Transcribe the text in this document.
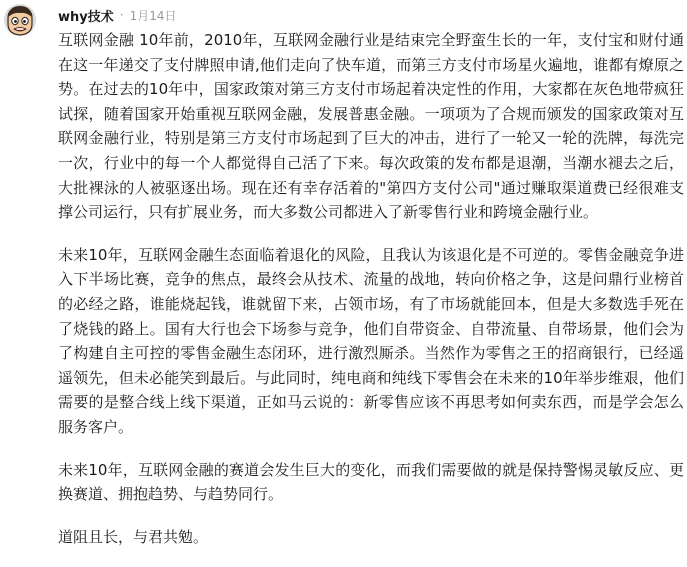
why技术 · 1月14日

互联网金融 10年前，2010年，互联网金融行业是结束完全野蛮生长的一年，支付宝和财付通在这一年递交了支付牌照申请,他们走向了快车道，而第三方支付市场星火遍地，谁都有燎原之势。在过去的10年中，国家政策对第三方支付市场起着决定性的作用，大家都在灰色地带疯狂试探，随着国家开始重视互联网金融，发展普惠金融。一项项为了合规而颁发的国家政策对互联网金融行业，特别是第三方支付市场起到了巨大的冲击，进行了一轮又一轮的洗牌，每洗完一次，行业中的每一个人都觉得自己活了下来。每次政策的发布都是退潮，当潮水褪去之后，大批裸泳的人被驱逐出场。现在还有幸存活着的"第四方支付公司"通过赚取渠道费已经很难支撑公司运行，只有扩展业务，而大多数公司都进入了新零售行业和跨境金融行业。

未来10年，互联网金融生态面临着退化的风险，且我认为该退化是不可逆的。零售金融竞争进入下半场比赛，竞争的焦点，最终会从技术、流量的战地，转向价格之争，这是问鼎行业榜首的必经之路，谁能烧起钱，谁就留下来，占领市场，有了市场就能回本，但是大多数选手死在了烧钱的路上。国有大行也会下场参与竞争，他们自带资金、自带流量、自带场景，他们会为了构建自主可控的零售金融生态闭环，进行激烈厮杀。当然作为零售之王的招商银行，已经遥遥领先，但未必能笑到最后。与此同时，纯电商和纯线下零售会在未来的10年举步维艰，他们需要的是整合线上线下渠道，正如马云说的：新零售应该不再思考如何卖东西，而是学会怎么服务客户。

未来10年，互联网金融的赛道会发生巨大的变化，而我们需要做的就是保持警惕灵敏反应、更换赛道、拥抱趋势、与趋势同行。

道阻且长，与君共勉。
